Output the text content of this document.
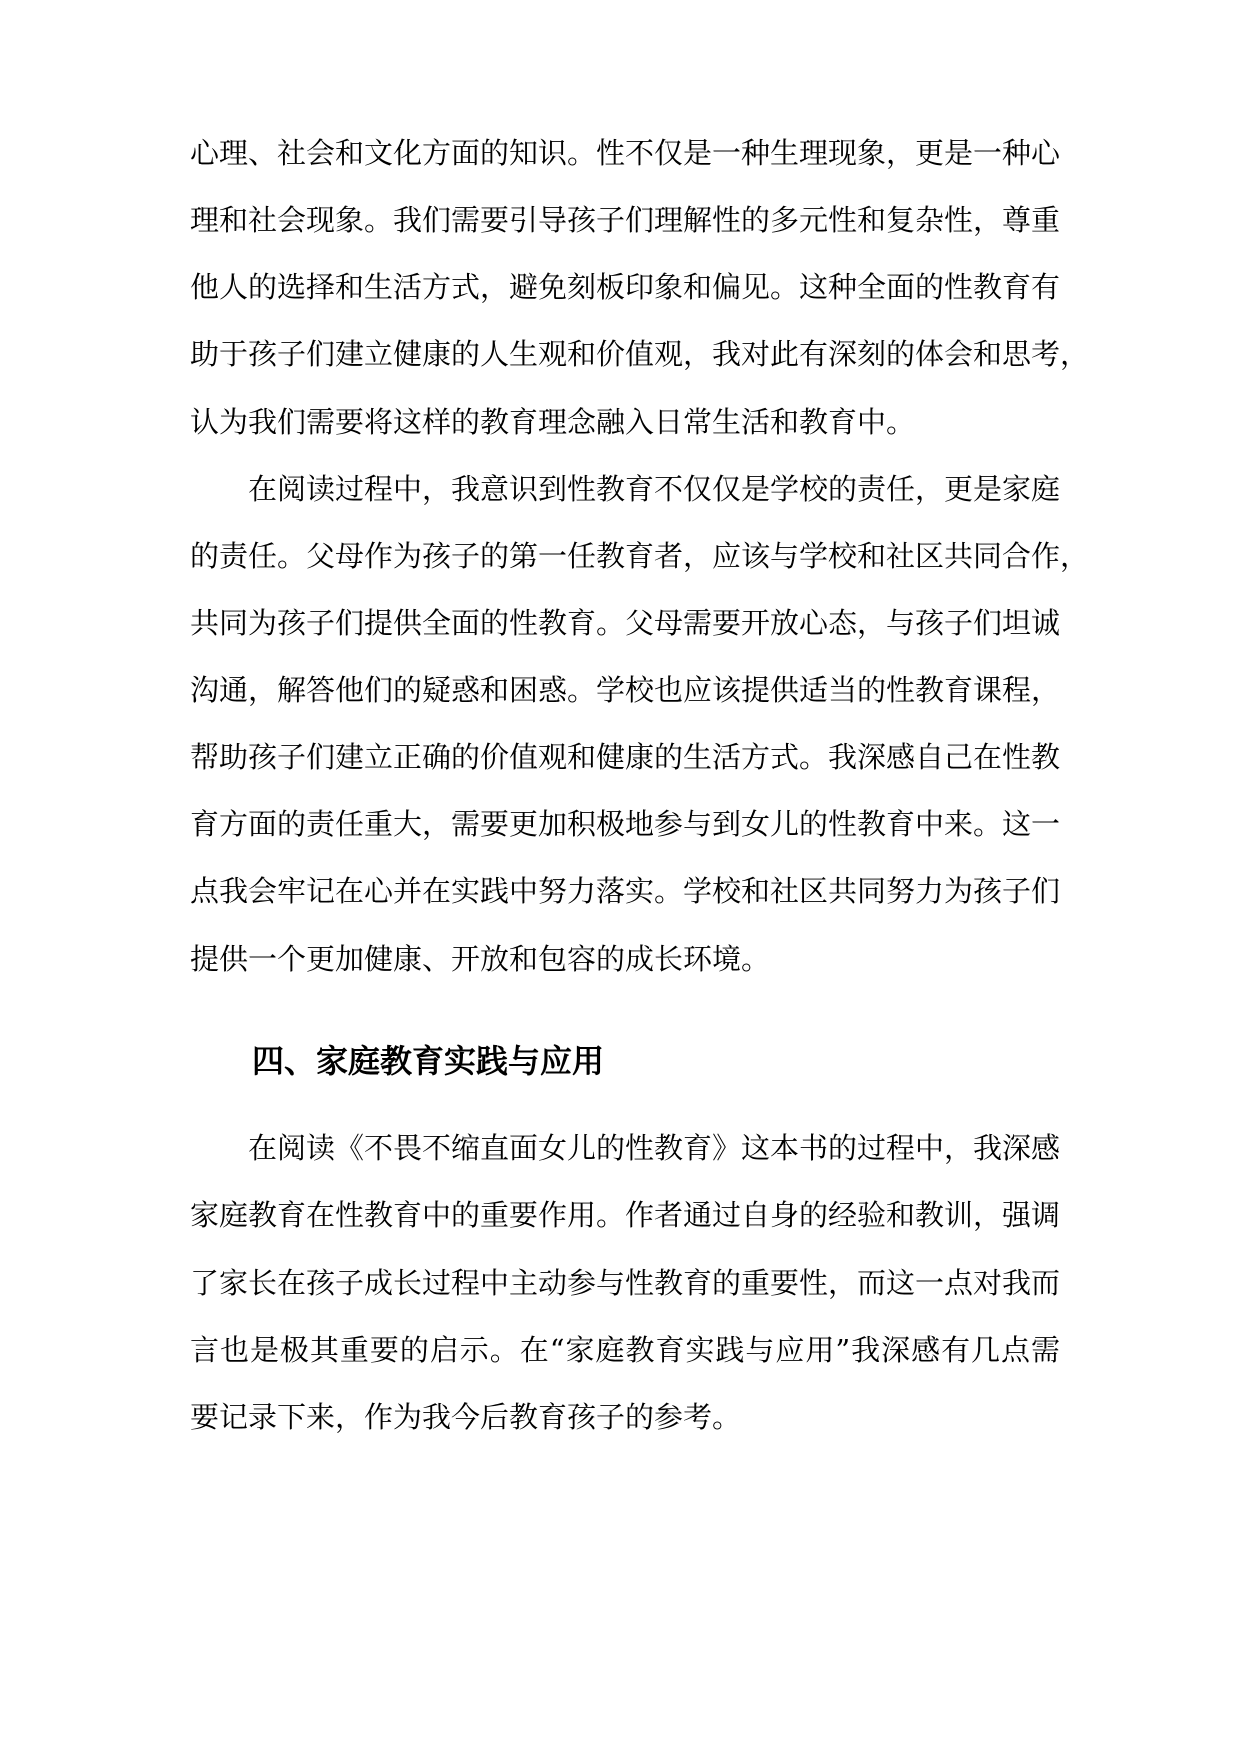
心理、社会和文化方面的知识。性不仅是一种生理现象，更是一种心
理和社会现象。我们需要引导孩子们理解性的多元性和复杂性，尊重
他人的选择和生活方式，避免刻板印象和偏见。这种全面的性教育有
助于孩子们建立健康的人生观和价值观，我对此有深刻的体会和思考，
认为我们需要将这样的教育理念融入日常生活和教育中。
在阅读过程中，我意识到性教育不仅仅是学校的责任，更是家庭
的责任。父母作为孩子的第一任教育者，应该与学校和社区共同合作，
共同为孩子们提供全面的性教育。父母需要开放心态，与孩子们坦诚
沟通，解答他们的疑惑和困惑。学校也应该提供适当的性教育课程，
帮助孩子们建立正确的价值观和健康的生活方式。我深感自己在性教
育方面的责任重大，需要更加积极地参与到女儿的性教育中来。这一
点我会牢记在心并在实践中努力落实。学校和社区共同努力为孩子们
提供一个更加健康、开放和包容的成长环境。
四、家庭教育实践与应用
在阅读《不畏不缩直面女儿的性教育》这本书的过程中，我深感
家庭教育在性教育中的重要作用。作者通过自身的经验和教训，强调
了家长在孩子成长过程中主动参与性教育的重要性，而这一点对我而
言也是极其重要的启示。在“家庭教育实践与应用”我深感有几点需
要记录下来，作为我今后教育孩子的参考。
